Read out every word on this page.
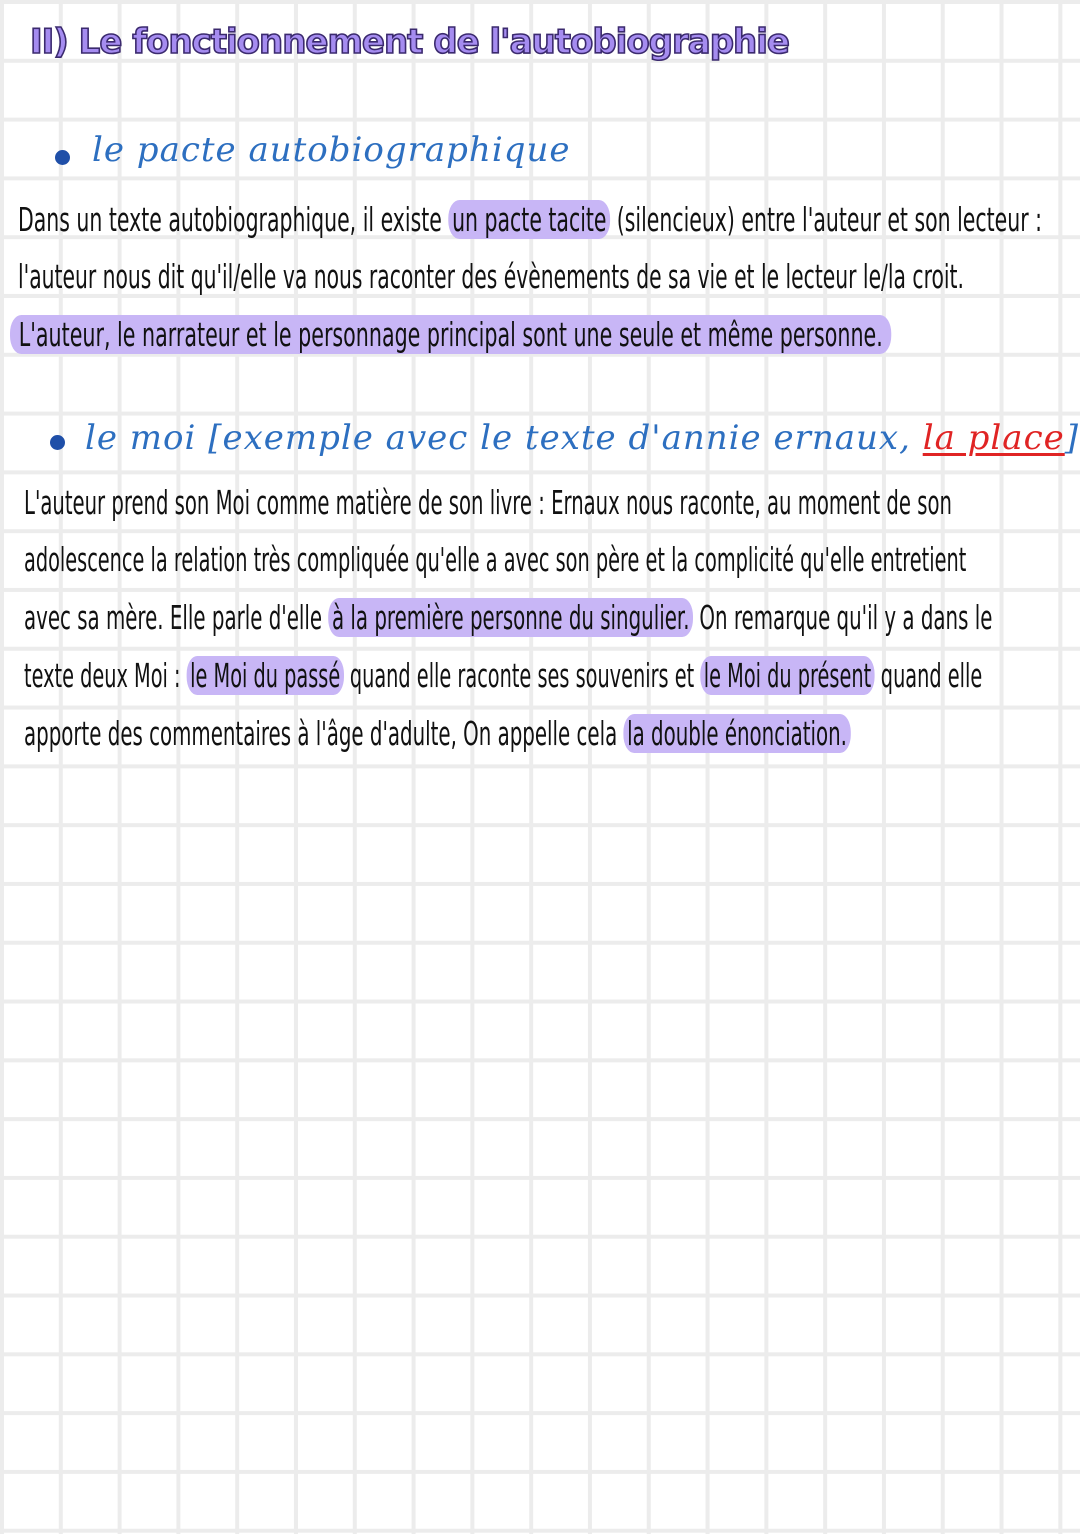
II) Le fonctionnement de l'autobiographie
le pacte autobiographique
Dans un texte autobiographique, il existe un pacte tacite (silencieux) entre l'auteur et son lecteur :
l'auteur nous dit qu'il/elle va nous raconter des évènements de sa vie et le lecteur le/la croit.
L'auteur, le narrateur et le personnage principal sont une seule et même personne.
le moi [exemple avec le texte d'annie ernaux, la place]
L'auteur prend son Moi comme matière de son livre : Ernaux nous raconte, au moment de son
adolescence la relation très compliquée qu'elle a avec son père et la complicité qu'elle entretient
avec sa mère. Elle parle d'elle à la première personne du singulier. On remarque qu'il y a dans le
texte deux Moi : le Moi du passé quand elle raconte ses souvenirs et le Moi du présent quand elle
apporte des commentaires à l'âge d'adulte, On appelle cela la double énonciation.
